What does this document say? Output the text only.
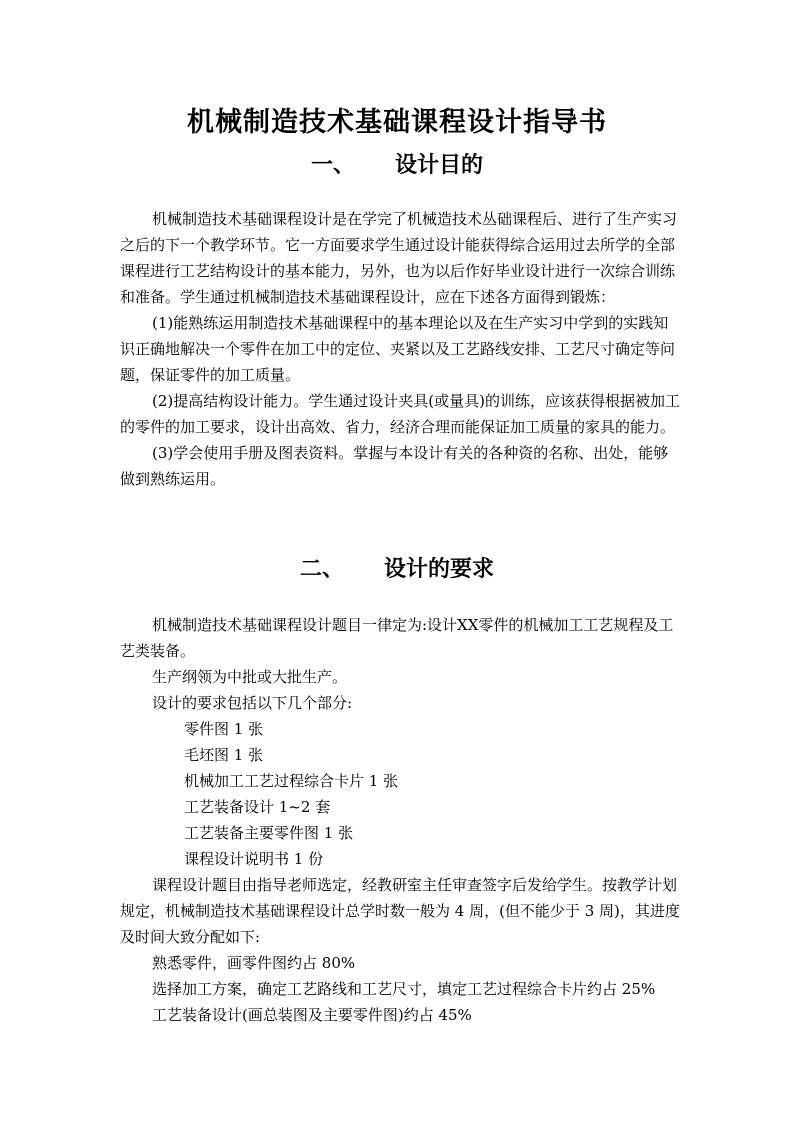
机械制造技术基础课程设计指导书
一、 设计目的

机械制造技术基础课程设计是在学完了机械造技术丛础课程后、进行了生产实习之后的下一个教学环节。它一方面要求学生通过设计能获得综合运用过去所学的全部课程进行工艺结构设计的基本能力，另外，也为以后作好毕业设计进行一次综合训练和准备。学生通过机械制造技术基础课程设计，应在下述各方面得到锻炼：

(1)能熟练运用制造技术基础课程中的基本理论以及在生产实习中学到的实践知识正确地解决一个零件在加工中的定位、夹紧以及工艺路线安排、工艺尺寸确定等问题，保证零件的加工质量。

(2)提高结构设计能力。学生通过设计夹具(或量具)的训练，应该获得根据被加工的零件的加工要求，设计出高效、省力，经济合理而能保证加工质量的家具的能力。

(3)学会使用手册及图表资料。掌握与本设计有关的各种资的名称、出处，能够做到熟练运用。

二、 设计的要求

机械制造技术基础课程设计题目一律定为:设计XX零件的机械加工工艺规程及工艺类装备。

生产纲领为中批或大批生产。
设计的要求包括以下几个部分:
零件图 1 张
毛坯图 1 张
机械加工工艺过程综合卡片 1 张
工艺装备设计 1~2 套
工艺装备主要零件图 1 张
课程设计说明书 1 份

课程设计题目由指导老师选定，经教研室主任审查签字后发给学生。按教学计划规定，机械制造技术基础课程设计总学时数一般为 4 周，(但不能少于 3 周)，其进度及时间大致分配如下:

熟悉零件，画零件图约占 80%
选择加工方案，确定工艺路线和工艺尺寸，填定工艺过程综合卡片约占 25%
工艺装备设计(画总装图及主要零件图)约占 45%
